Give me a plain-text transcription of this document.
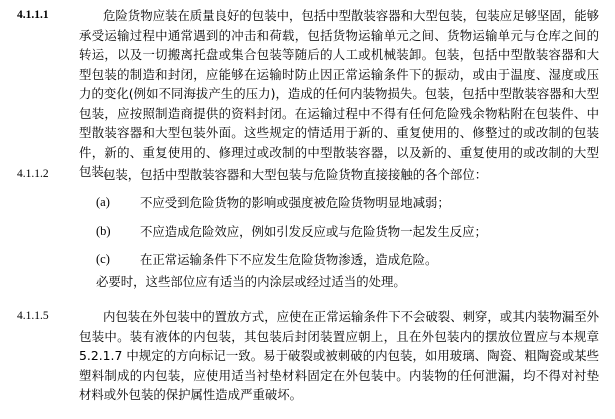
4.1.1.1	危险货物应装在质量良好的包装中，包括中型散装容器和大型包装，包装应足够坚固，能够承受运输过程中通常遇到的冲击和荷载，包括货物运输单元之间、货物运输单元与仓库之间的转运，以及一切搬离托盘或集合包装等随后的人工或机械装卸。包装，包括中型散装容器和大型包装的制造和封闭，应能够在运输时防止因正常运输条件下的振动，或由于温度、湿度或压力的变化(例如不同海拔产生的压力)，造成的任何内装物损失。包装，包括中型散装容器和大型包装，应按照制造商提供的资料封闭。在运输过程中不得有任何危险残余物粘附在包装件、中型散装容器和大型包装外面。这些规定的情适用于新的、重复使用的、修整过的或改制的包装件，新的、重复使用的、修理过或改制的中型散装容器，以及新的、重复使用的或改制的大型包装。
4.1.1.2	包装，包括中型散装容器和大型包装与危险货物直接接触的各个部位：
(a)	不应受到危险货物的影响或强度被危险货物明显地减弱；
(b)	不应造成危险效应，例如引发反应或与危险货物一起发生反应；
(c)	在正常运输条件下不应发生危险货物渗透，造成危险。
必要时，这些部位应有适当的内涂层或经过适当的处理。
4.1.1.5	内包装在外包装中的置放方式，应使在正常运输条件下不会破裂、刺穿，或其内装物漏至外包装中。装有液体的内包装，其包装后封闭装置应朝上，且在外包装内的摆放位置应与本规章 5.2.1.7 中规定的方向标记一致。易于破裂或被刺破的内包装，如用玻璃、陶瓷、粗陶瓷或某些塑料制成的内包装，应使用适当衬垫材料固定在外包装中。内装物的任何泄漏，均不得对衬垫材料或外包装的保护属性造成严重破坏。
